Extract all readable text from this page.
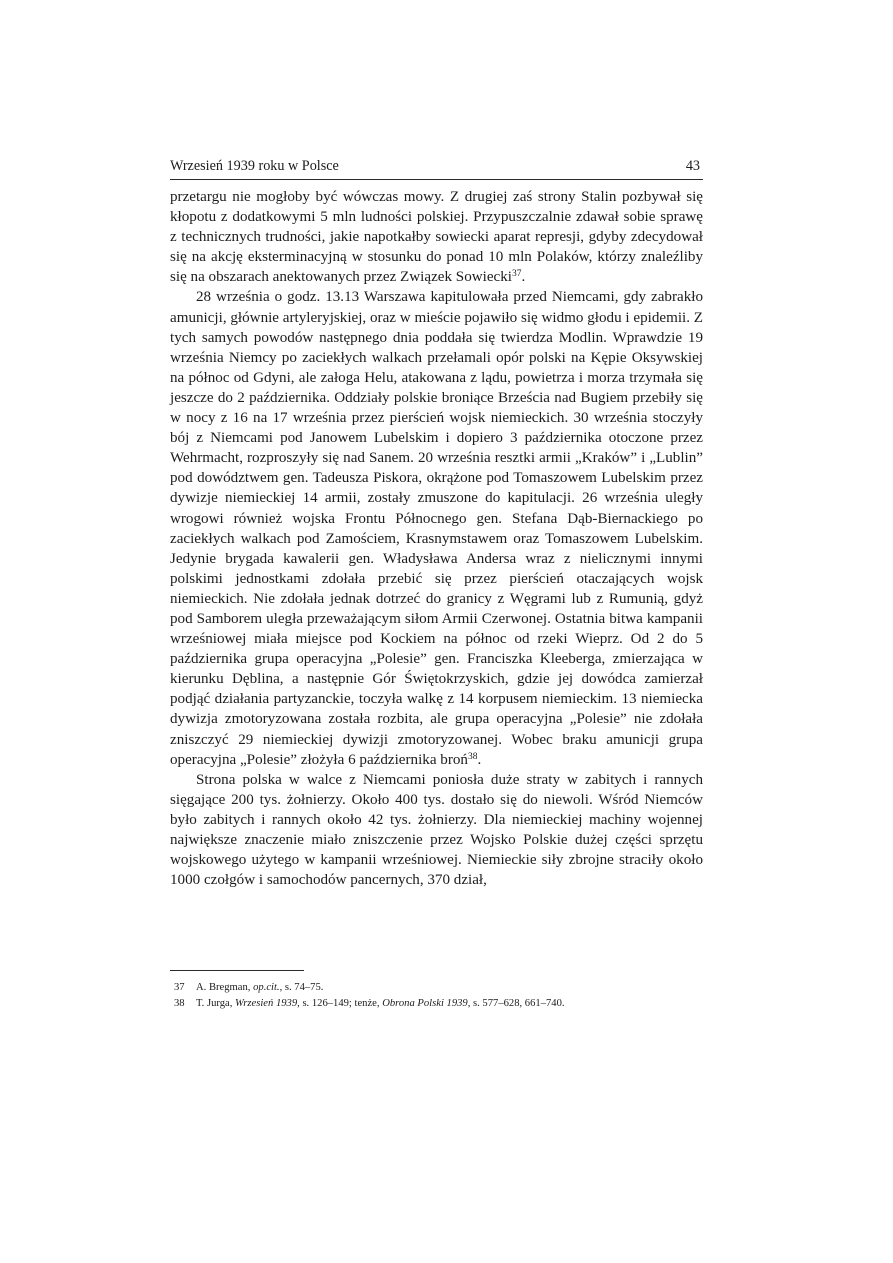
Wrzesień 1939 roku w Polsce	43

przetargu nie mogłoby być wówczas mowy. Z drugiej zaś strony Stalin pozbywał się kłopotu z dodatkowymi 5 mln ludności polskiej. Przypuszczalnie zdawał sobie sprawę z technicznych trudności, jakie napotkałby sowiecki aparat represji, gdyby zdecydował się na akcję eksterminacyjną w stosunku do ponad 10 mln Polaków, którzy znaleźliby się na obszarach anektowanych przez Związek Sowiecki$^{37}$.

28 września o godz. 13.13 Warszawa kapitulowała przed Niemcami, gdy zabrakło amunicji, głównie artyleryjskiej, oraz w mieście pojawiło się widmo głodu i epidemii. Z tych samych powodów następnego dnia poddała się twierdza Modlin. Wprawdzie 19 września Niemcy po zaciekłych walkach przełamali opór polski na Kępie Oksywskiej na północ od Gdyni, ale załoga Helu, atakowana z lądu, powietrza i morza trzymała się jeszcze do 2 października. Oddziały polskie broniące Brześcia nad Bugiem przebiły się w nocy z 16 na 17 września przez pierścień wojsk niemieckich. 30 września stoczyły bój z Niemcami pod Janowem Lubelskim i dopiero 3 października otoczone przez Wehrmacht, rozproszyły się nad Sanem. 20 września resztki armii „Kraków” i „Lublin” pod dowództwem gen. Tadeusza Piskora, okrążone pod Tomaszowem Lubelskim przez dywizje niemieckiej 14 armii, zostały zmuszone do kapitulacji. 26 września uległy wrogowi również wojska Frontu Północnego gen. Stefana Dąb-Biernackiego po zaciekłych walkach pod Zamościem, Krasnymstawem oraz Tomaszowem Lubelskim. Jedynie brygada kawalerii gen. Władysława Andersa wraz z nielicznymi innymi polskimi jednostkami zdołała przebić się przez pierścień otaczających wojsk niemieckich. Nie zdołała jednak dotrzeć do granicy z Węgrami lub z Rumunią, gdyż pod Samborem uległa przeważającym siłom Armii Czerwonej. Ostatnia bitwa kampanii wrześniowej miała miejsce pod Kockiem na północ od rzeki Wieprz. Od 2 do 5 października grupa operacyjna „Polesie” gen. Franciszka Kleeberga, zmierzająca w kierunku Dęblina, a następnie Gór Świętokrzyskich, gdzie jej dowódca zamierzał podjąć działania partyzanckie, toczyła walkę z 14 korpusem niemieckim. 13 niemiecka dywizja zmotoryzowana została rozbita, ale grupa operacyjna „Polesie” nie zdołała zniszczyć 29 niemieckiej dywizji zmotoryzowanej. Wobec braku amunicji grupa operacyjna „Polesie” złożyła 6 października broń$^{38}$.

Strona polska w walce z Niemcami poniosła duże straty w zabitych i rannych sięgające 200 tys. żołnierzy. Około 400 tys. dostało się do niewoli. Wśród Niemców było zabitych i rannych około 42 tys. żołnierzy. Dla niemieckiej machiny wojennej największe znaczenie miało zniszczenie przez Wojsko Polskie dużej części sprzętu wojskowego użytego w kampanii wrześniowej. Niemieckie siły zbrojne straciły około 1000 czołgów i samochodów pancernych, 370 dział,

37 A. Bregman, op.cit., s. 74–75.
38 T. Jurga, Wrzesień 1939, s. 126–149; tenże, Obrona Polski 1939, s. 577–628, 661–740.
